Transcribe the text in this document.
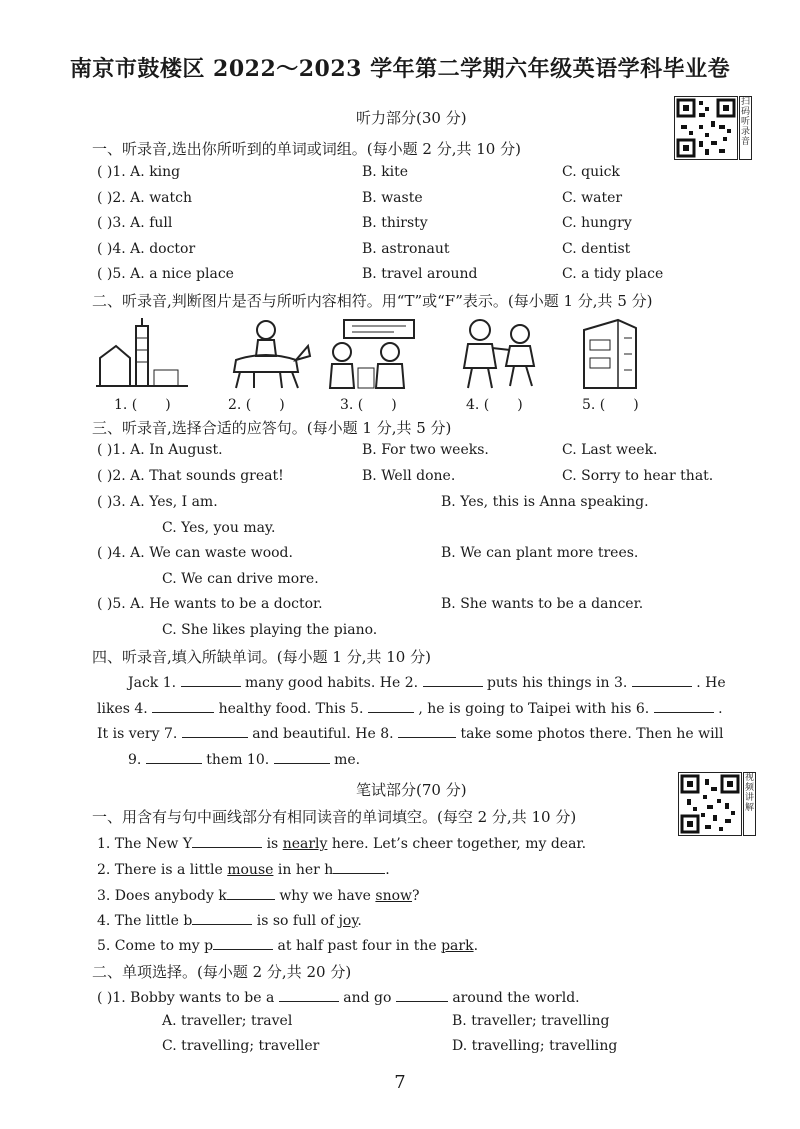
南京市鼓楼区 2022～2023 学年第二学期六年级英语学科毕业卷
听力部分(30 分)
扫码听录音
一、听录音,选出你所听到的单词或词组。(每小题 2 分,共 10 分)
( )1. A. king	B. kite	C. quick
( )2. A. watch	B. waste	C. water
( )3. A. full	B. thirsty	C. hungry
( )4. A. doctor	B. astronaut	C. dentist
( )5. A. a nice place	B. travel around	C. a tidy place
二、听录音,判断图片是否与所听内容相符。用“T”或“F”表示。(每小题 1 分,共 5 分)
1. (　　)	2. (　　)	3. (　　)	4. (　　)	5. (　　)
三、听录音,选择合适的应答句。(每小题 1 分,共 5 分)
( )1. A. In August.	B. For two weeks.	C. Last week.
( )2. A. That sounds great!	B. Well done.	C. Sorry to hear that.
( )3. A. Yes, I am.	B. Yes, this is Anna speaking.
C. Yes, you may.
( )4. A. We can waste wood.	B. We can plant more trees.
C. We can drive more.
( )5. A. He wants to be a doctor.	B. She wants to be a dancer.
C. She likes playing the piano.
四、听录音,填入所缺单词。(每小题 1 分,共 10 分)
Jack 1.	many good habits. He 2.	puts his things in 3.	. He
likes 4.	healthy food. This 5.	, he is going to Taipei with his 6.	.
It is very 7.	and beautiful. He 8.	take some photos there. Then he will
9.	them 10.	me.
笔试部分(70 分)
视频讲解
一、用含有与句中画线部分有相同读音的单词填空。(每空 2 分,共 10 分)
1. The New Y	is nearly here. Let’s cheer together, my dear.
2. There is a little mouse in her h	.
3. Does anybody k	why we have snow?
4. The little b	is so full of joy.
5. Come to my p	at half past four in the park.
二、单项选择。(每小题 2 分,共 20 分)
( )1. Bobby wants to be a	and go	around the world.
A. traveller; travel	B. traveller; travelling
C. travelling; traveller	D. travelling; travelling
7
